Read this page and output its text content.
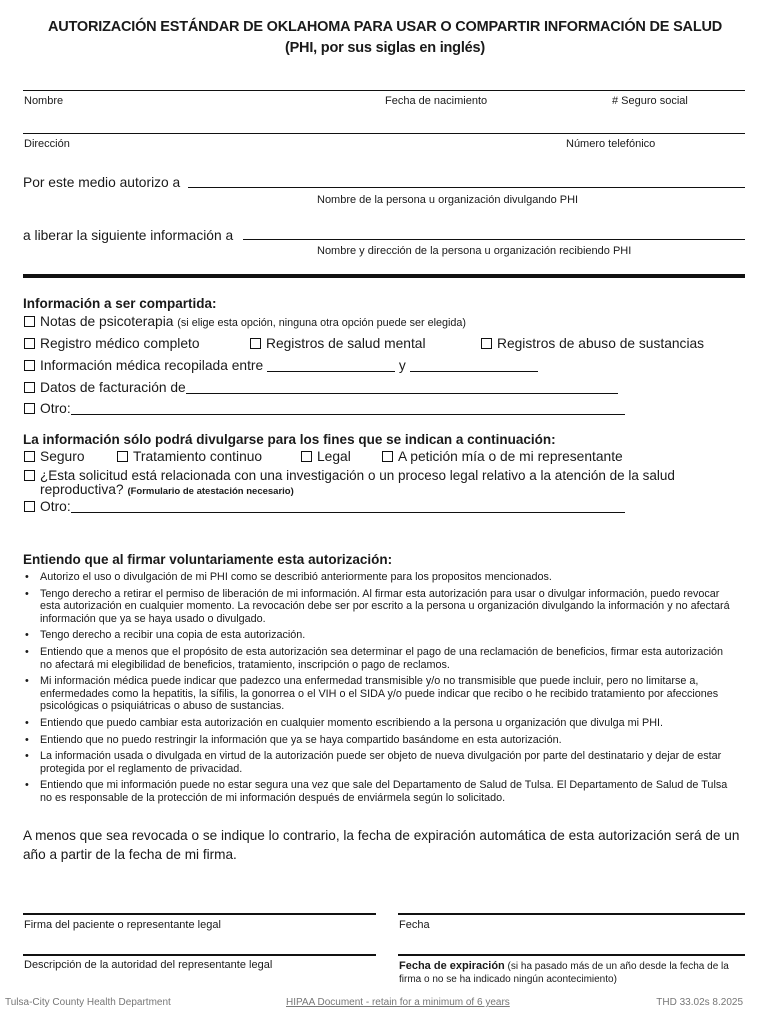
AUTORIZACIÓN ESTÁNDAR DE OKLAHOMA PARA USAR O COMPARTIR INFORMACIÓN DE SALUD
(PHI, por sus siglas en inglés)
Nombre	Fecha de nacimiento	# Seguro social
Dirección	Número telefónico
Por este medio autorizo a
Nombre de la persona u organización divulgando PHI
a liberar la siguiente información a
Nombre y dirección de la persona u organización recibiendo PHI
Información a ser compartida:
Notas de psicoterapia (si elige esta opción, ninguna otra opción puede ser elegida)
Registro médico completo	Registros de salud mental	Registros de abuso de sustancias
Información médica recopilada entre	y
Datos de facturación de
Otro:
La información sólo podrá divulgarse para los fines que se indican a continuación:
Seguro	Tratamiento continuo	Legal	A petición mía o de mi representante
¿Esta solicitud está relacionada con una investigación o un proceso legal relativo a la atención de la salud
reproductiva? (Formulario de atestación necesario)
Otro:
Entiendo que al firmar voluntariamente esta autorización:
• Autorizo el uso o divulgación de mi PHI como se describió anteriormente para los propositos mencionados.
• Tengo derecho a retirar el permiso de liberación de mi información. Al firmar esta autorización para usar o divulgar información, puedo revocar esta autorización en cualquier momento. La revocación debe ser por escrito a la persona u organización divulgando la información y no afectará información que ya se haya usado o divulgado.
• Tengo derecho a recibir una copia de esta autorización.
• Entiendo que a menos que el propósito de esta autorización sea determinar el pago de una reclamación de beneficios, firmar esta autorización no afectará mi elegibilidad de beneficios, tratamiento, inscripción o pago de reclamos.
• Mi información médica puede indicar que padezco una enfermedad transmisible y/o no transmisible que puede incluir, pero no limitarse a, enfermedades como la hepatitis, la sífilis, la gonorrea o el VIH o el SIDA y/o puede indicar que recibo o he recibido tratamiento por afecciones psicológicas o psiquiátricas o abuso de sustancias.
• Entiendo que puedo cambiar esta autorización en cualquier momento escribiendo a la persona u organización que divulga mi PHI.
• Entiendo que no puedo restringir la información que ya se haya compartido basándome en esta autorización.
• La información usada o divulgada en virtud de la autorización puede ser objeto de nueva divulgación por parte del destinatario y dejar de estar protegida por el reglamento de privacidad.
• Entiendo que mi información puede no estar segura una vez que sale del Departamento de Salud de Tulsa. El Departamento de Salud de Tulsa no es responsable de la protección de mi información después de enviármela según lo solicitado.
A menos que sea revocada o se indique lo contrario, la fecha de expiración automática de esta autorización será de un año a partir de la fecha de mi firma.
Firma del paciente o representante legal	Fecha
Descripción de la autoridad del representante legal	Fecha de expiración (si ha pasado más de un año desde la fecha de la firma o no se ha indicado ningún acontecimiento)
Tulsa-City County Health Department	HIPAA Document - retain for a minimum of 6 years	THD 33.02s 8.2025
